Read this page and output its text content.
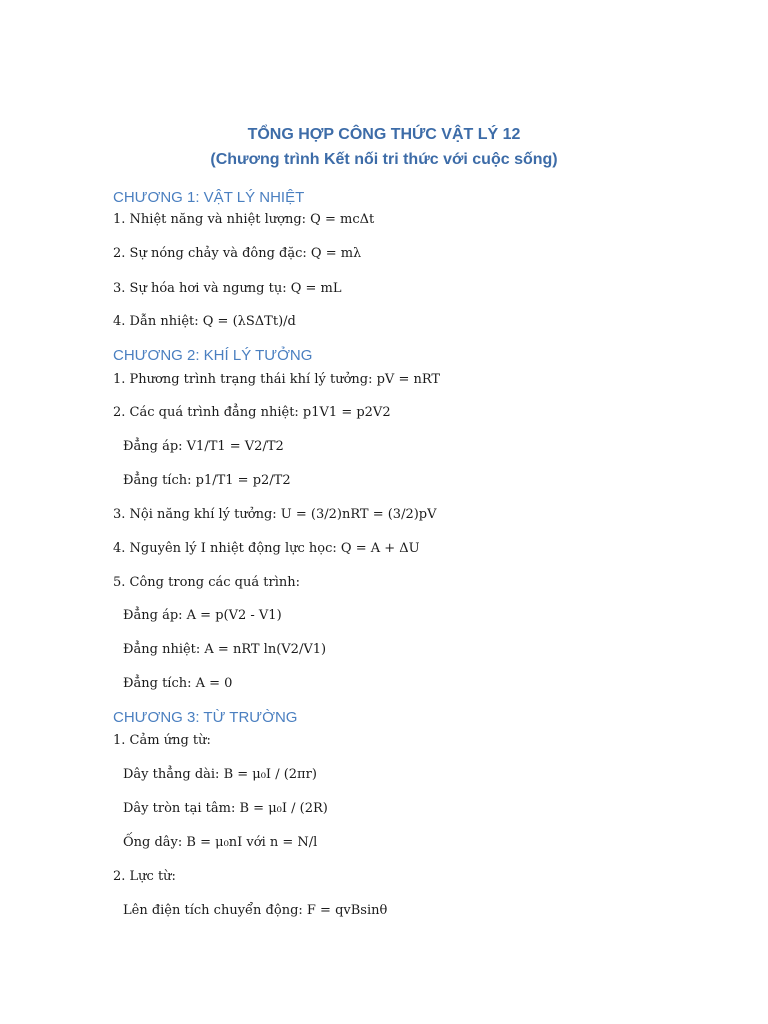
TỔNG HỢP CÔNG THỨC VẬT LÝ 12
(Chương trình Kết nối tri thức với cuộc sống)
CHƯƠNG 1: VẬT LÝ NHIỆT
1. Nhiệt năng và nhiệt lượng: Q = mcΔt
2. Sự nóng chảy và đông đặc: Q = mλ
3. Sự hóa hơi và ngưng tụ: Q = mL
4. Dẫn nhiệt: Q = (λSΔTt)/d
CHƯƠNG 2: KHÍ LÝ TƯỞNG
1. Phương trình trạng thái khí lý tưởng: pV = nRT
2. Các quá trình đẳng nhiệt: p1V1 = p2V2
Đẳng áp: V1/T1 = V2/T2
Đẳng tích: p1/T1 = p2/T2
3. Nội năng khí lý tưởng: U = (3/2)nRT = (3/2)pV
4. Nguyên lý I nhiệt động lực học: Q = A + ΔU
5. Công trong các quá trình:
Đẳng áp: A = p(V2 - V1)
Đẳng nhiệt: A = nRT ln(V2/V1)
Đẳng tích: A = 0
CHƯƠNG 3: TỪ TRƯỜNG
1. Cảm ứng từ:
Dây thẳng dài: B = μ₀I / (2πr)
Dây tròn tại tâm: B = μ₀I / (2R)
Ống dây: B = μ₀nI với n = N/l
2. Lực từ:
Lên điện tích chuyển động: F = qvBsinθ
